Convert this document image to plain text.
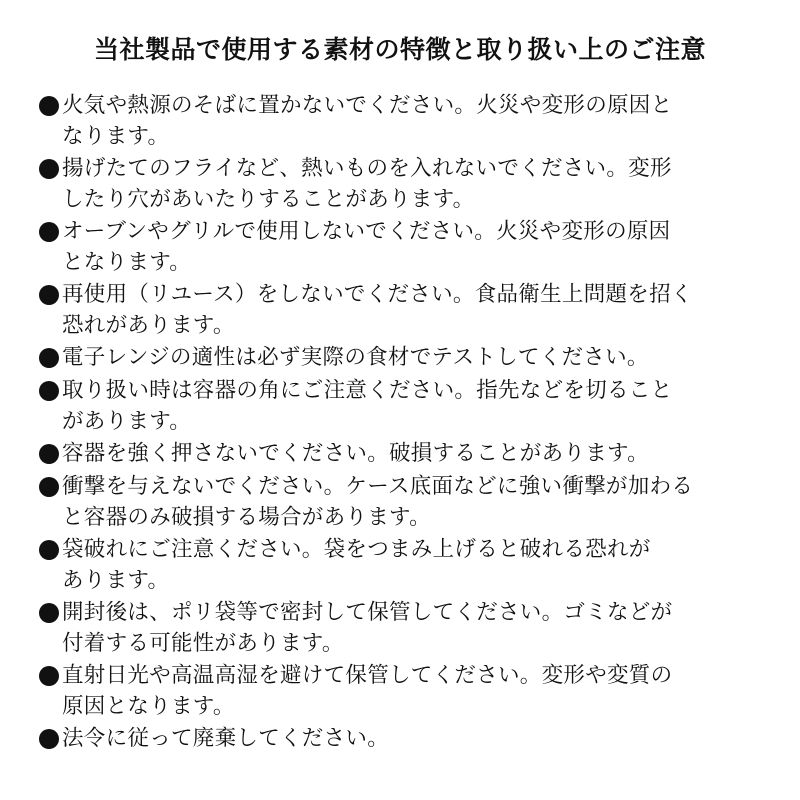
当社製品で使用する素材の特徴と取り扱い上のご注意
火気や熱源のそばに置かないでください。火災や変形の原因と
なります。
揚げたてのフライなど、熱いものを入れないでください。変形
したり穴があいたりすることがあります。
オーブンやグリルで使用しないでください。火災や変形の原因
となります。
再使用（リユース）をしないでください。食品衛生上問題を招く
恐れがあります。
電子レンジの適性は必ず実際の食材でテストしてください。
取り扱い時は容器の角にご注意ください。指先などを切ること
があります。
容器を強く押さないでください。破損することがあります。
衝撃を与えないでください。ケース底面などに強い衝撃が加わる
と容器のみ破損する場合があります。
袋破れにご注意ください。袋をつまみ上げると破れる恐れが
あります。
開封後は、ポリ袋等で密封して保管してください。ゴミなどが
付着する可能性があります。
直射日光や高温高湿を避けて保管してください。変形や変質の
原因となります。
法令に従って廃棄してください。
